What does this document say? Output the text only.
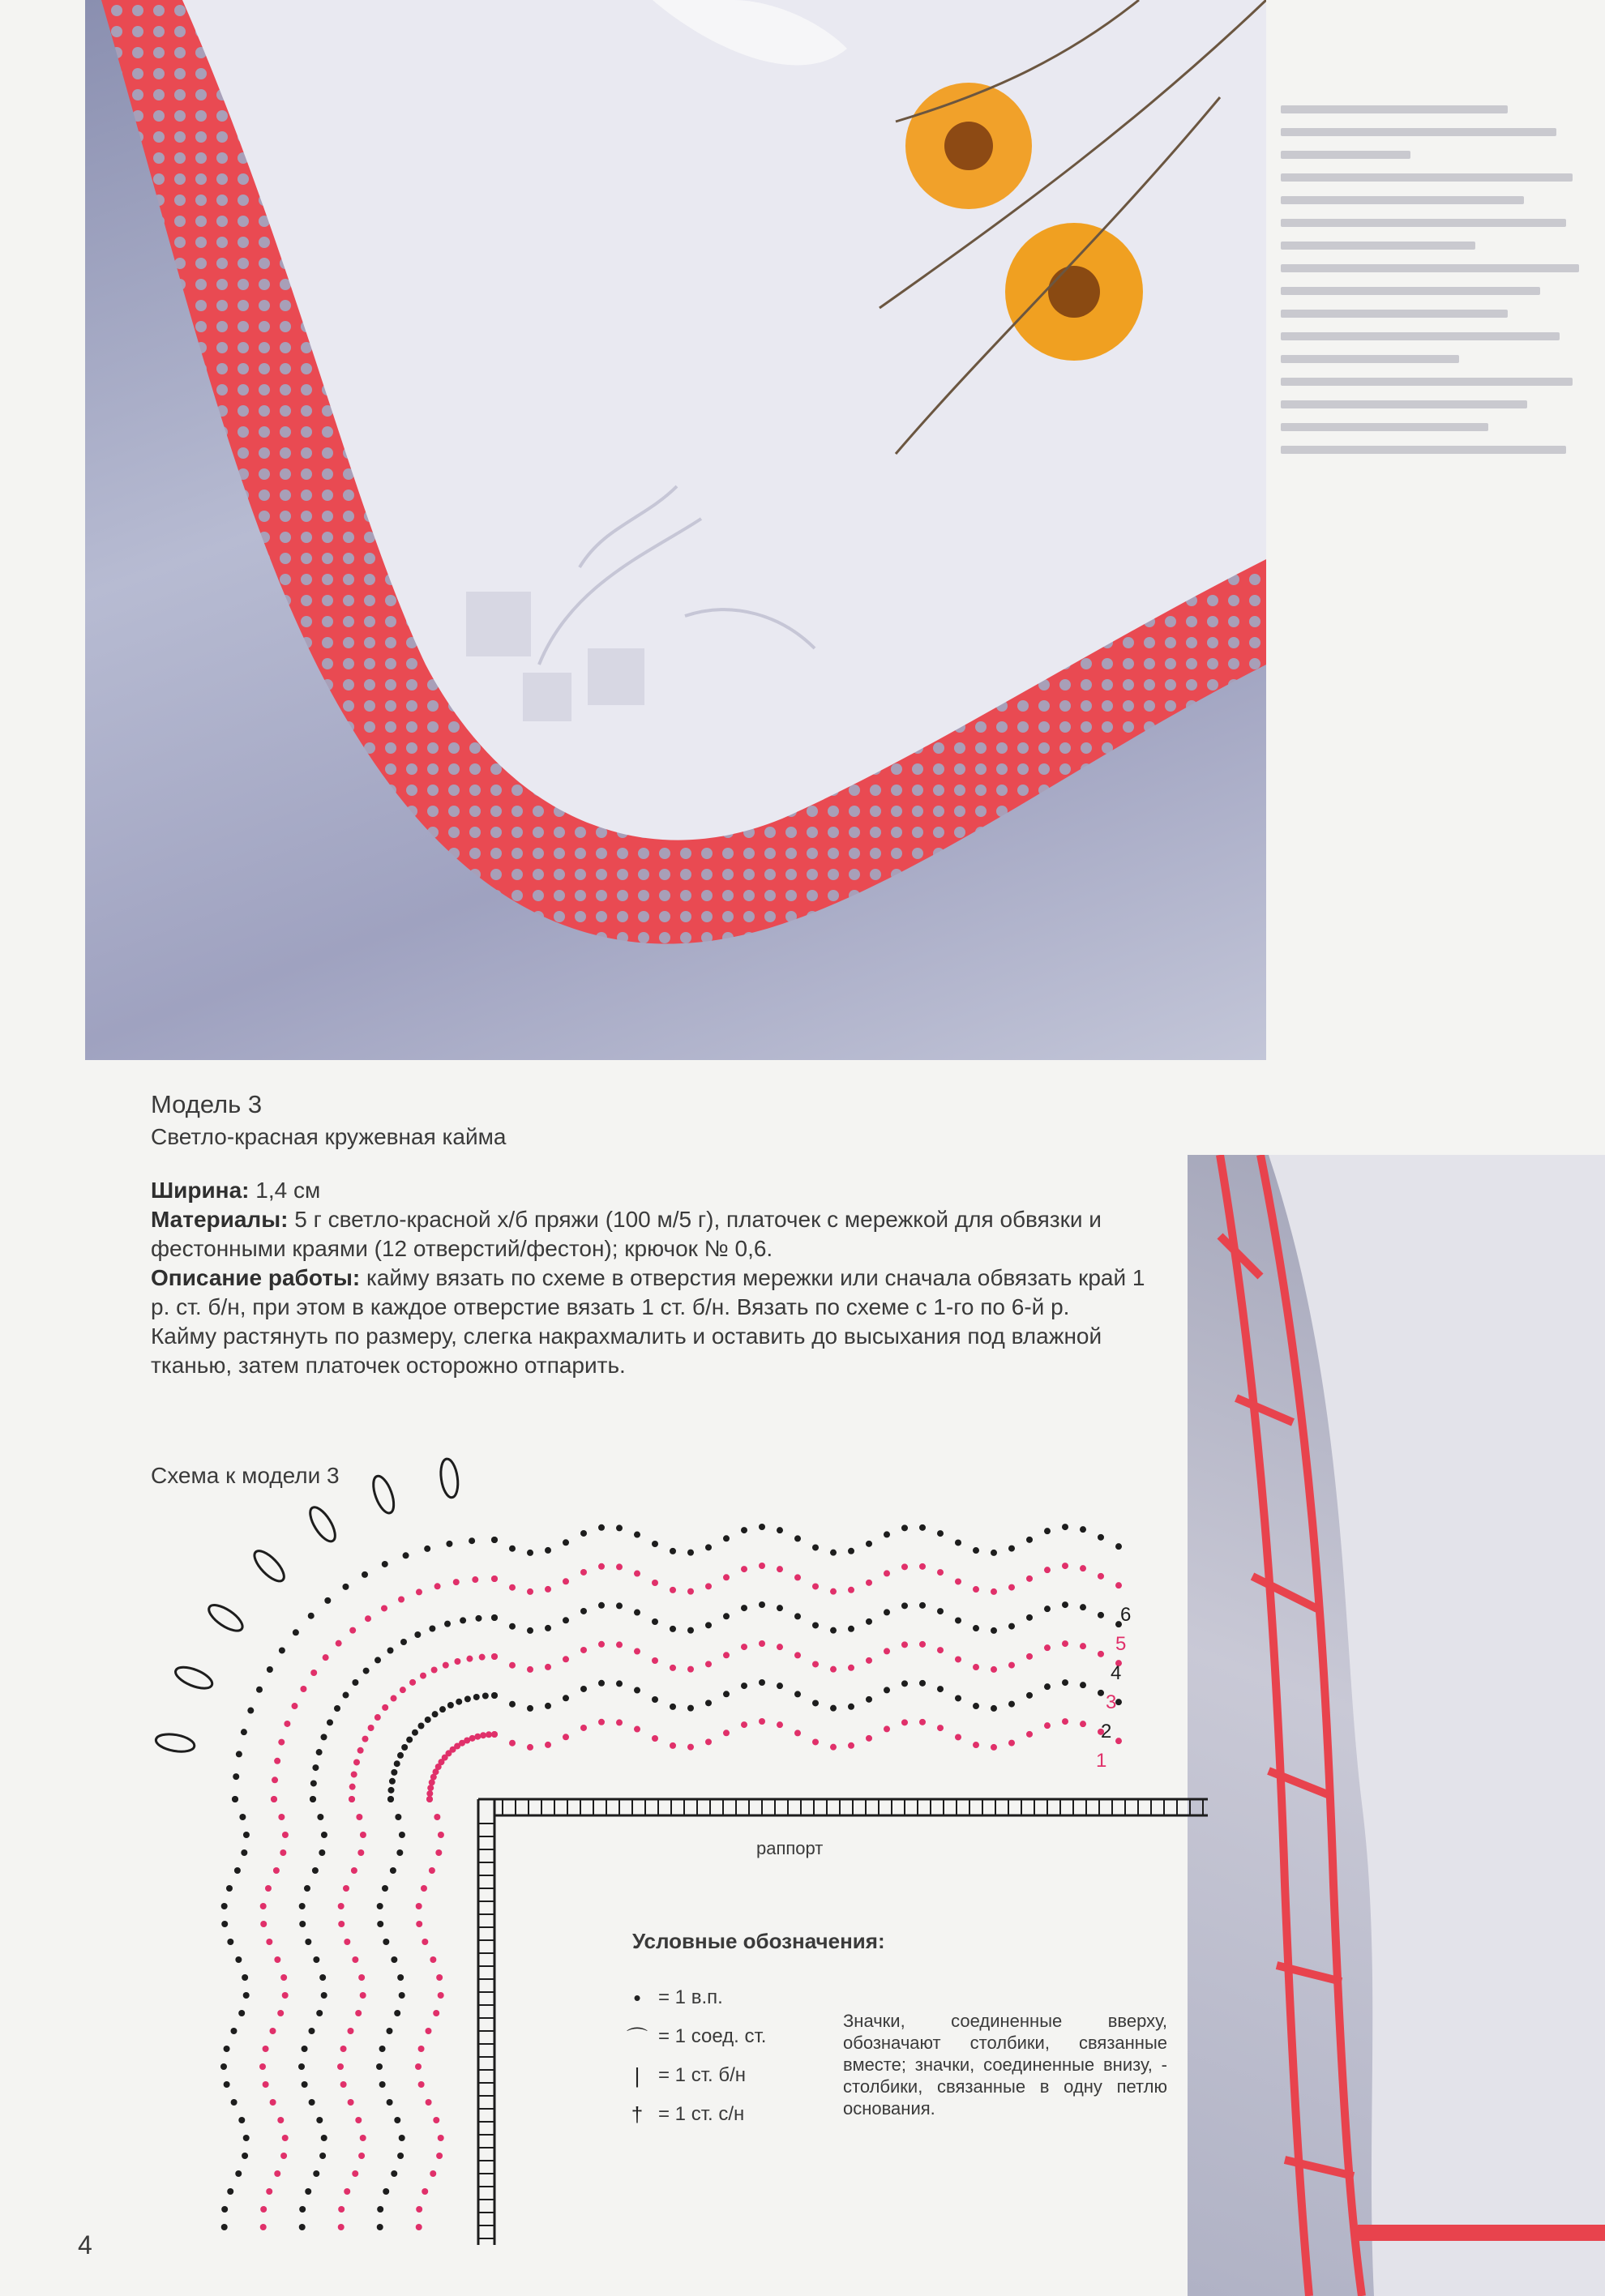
Модель 3

Светло-красная кружевная кайма

Ширина: 1,4 см

Материалы: 5 г светло-красной х/б пряжи (100 м/5 г), платочек с мережкой для обвязки и фестонными краями (12 отверстий/фестон); крючок № 0,6.

Описание работы: кайму вязать по схеме в отверстия мережки или сначала обвязать край 1 р. ст. б/н, при этом в каждое отверстие вязать 1 ст. б/н. Вязать по схеме с 1-го по 6-й р.

Кайму растянуть по размеру, слегка накрахмалить и оставить до высыхания под влажной тканью, затем платочек осторожно отпарить.

Схема к модели 3
6
5
4
3
2
1
раппорт
Условные обозначения:
• = 1 в.п.
⌒ = 1 соед. ст.
| = 1 ст. б/н
† = 1 ст. с/н
Значки, соединенные вверху, обозначают столбики, связанные вместе; значки, соединенные внизу, - столбики, связанные в одну петлю основания.
4
